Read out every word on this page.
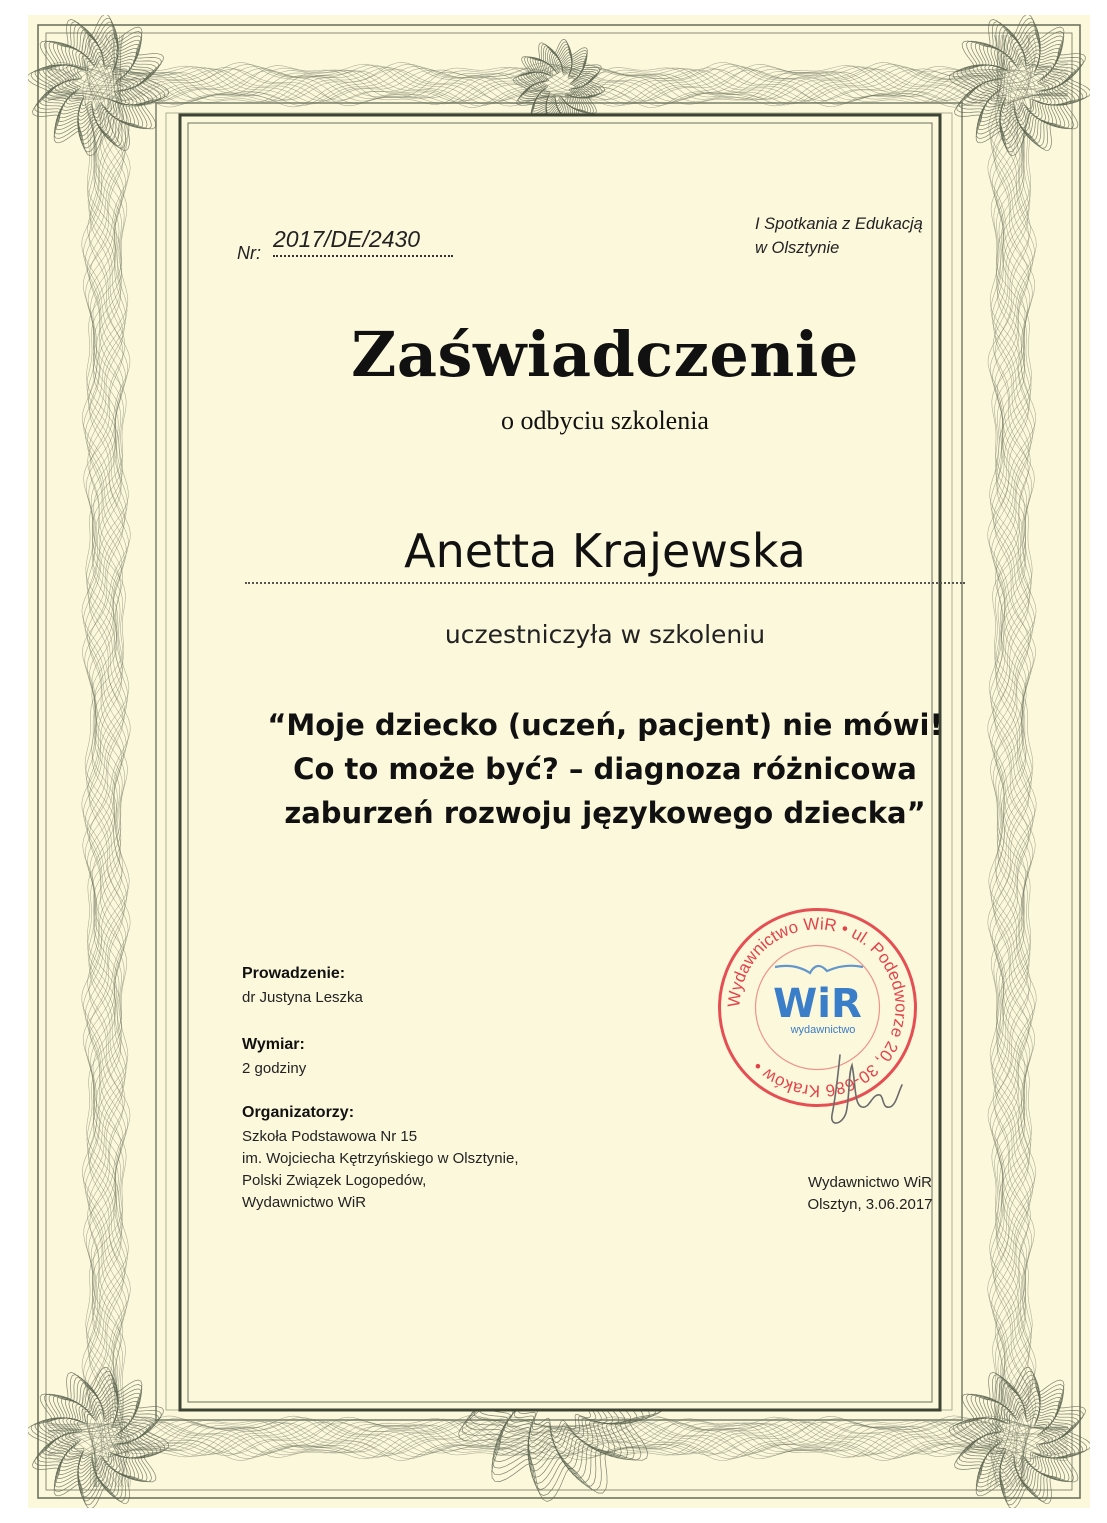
Nr:
2017/DE/2430
I Spotkania z Edukacją
w Olsztynie
Zaświadczenie
o odbyciu szkolenia
Anetta Krajewska
uczestniczyła w szkoleniu
“Moje dziecko (uczeń, pacjent) nie mówi!
Co to może być? – diagnoza różnicowa
zaburzeń rozwoju językowego dziecka”
Prowadzenie:
dr Justyna Leszka
Wymiar:
2 godziny
Organizatorzy:
Szkoła Podstawowa Nr 15
im. Wojciecha Kętrzyńskiego w Olsztynie,
Polski Związek Logopedów,
Wydawnictwo WiR
Wydawnictwo WiR
Olsztyn, 3.06.2017
Wydawnictwo WiR • ul. Podedworze 20, 30-686 Kraków •
WiR
wydawnictwo
